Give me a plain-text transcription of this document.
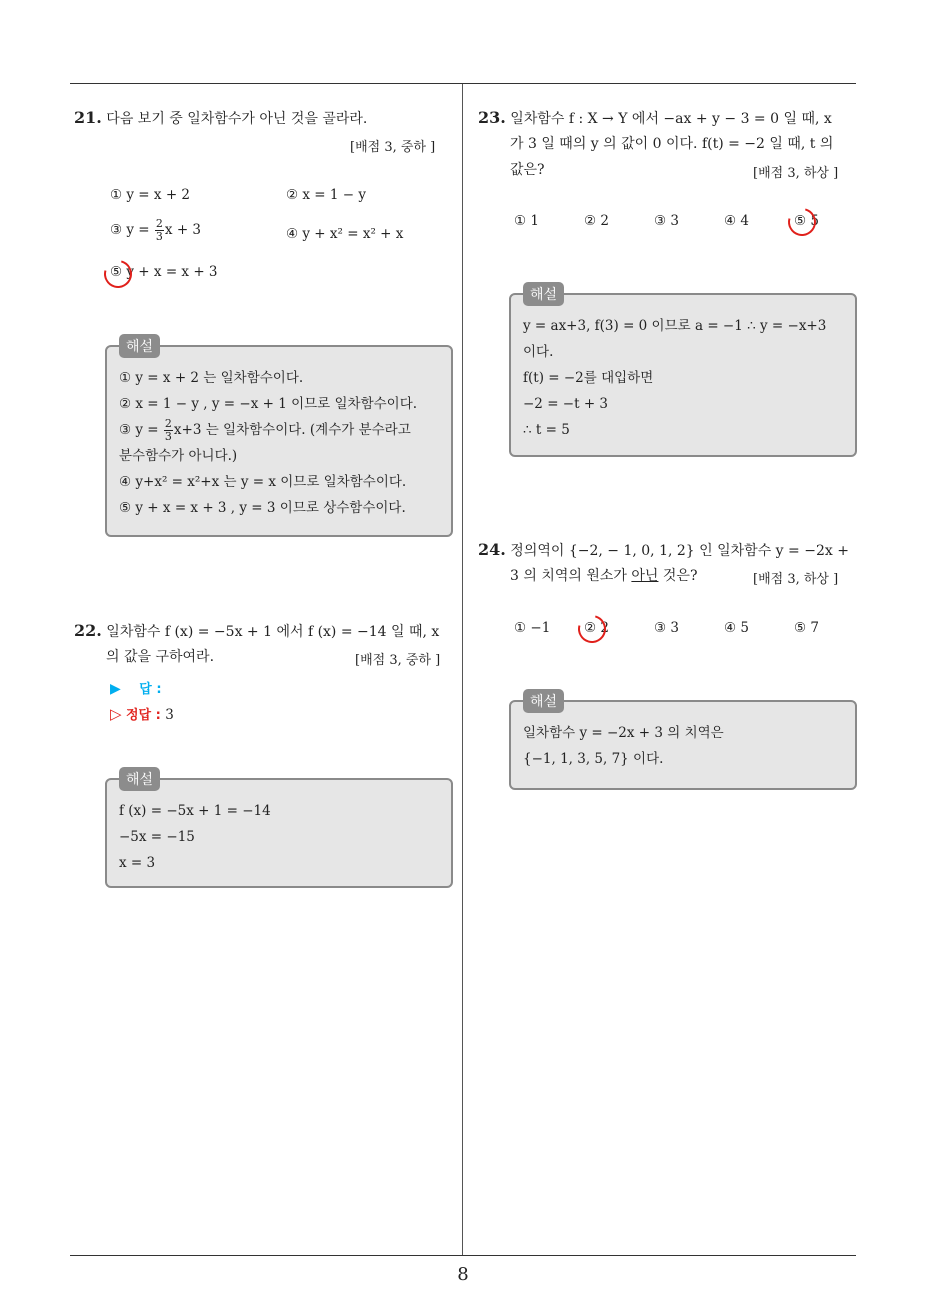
21. 다음 보기 중 일차함수가 아닌 것을 골라라.
[배점 3, 중하 ]
① y = x + 2	② x = 1 − y
③ $y = \frac{2}{3}$ x + 3	④ y + x² = x² + x
⑤ y + x = x + 3
해설
① y = x + 2 는 일차함수이다.
② x = 1 − y , y = −x + 1 이므로 일차함수이다.
③ $y = \frac{2}{3} x+3$ 는 일차함수이다. (계수가 분수라고
분수함수가 아니다.)
④ y+x² = x²+x 는 y = x 이므로 일차함수이다.
⑤ y + x = x + 3 , y = 3 이므로 상수함수이다.
22. 일차함수 f (x) = −5x + 1 에서 f (x) = −14 일 때, x
의 값을 구하여라.	[배점 3, 중하 ]
▶ 답 :
▷ 정답 : 3
해설
f (x) = −5x + 1 = −14
−5x = −15
x = 3
23. 일차함수 f : X → Y 에서 −ax + y − 3 = 0 일 때, x
가 3 일 때의 y 의 값이 0 이다. f(t) = −2 일 때, t 의
값은?	[배점 3, 하상 ]
① 1	② 2	③ 3	④ 4	⑤ 5
해설
y = ax+3, f(3) = 0 이므로 a = −1 ∴ y = −x+3
이다.
f(t) = −2를 대입하면
−2 = −t + 3
∴ t = 5
24. 정의역이 {−2, − 1, 0, 1, 2} 인 일차함수 y = −2x +
3 의 치역의 원소가 아닌 것은?	[배점 3, 하상 ]
① −1 ② 2	③ 3	④ 5	⑤ 7
해설
일차함수 y = −2x + 3 의 치역은
{−1, 1, 3, 5, 7} 이다.
8
